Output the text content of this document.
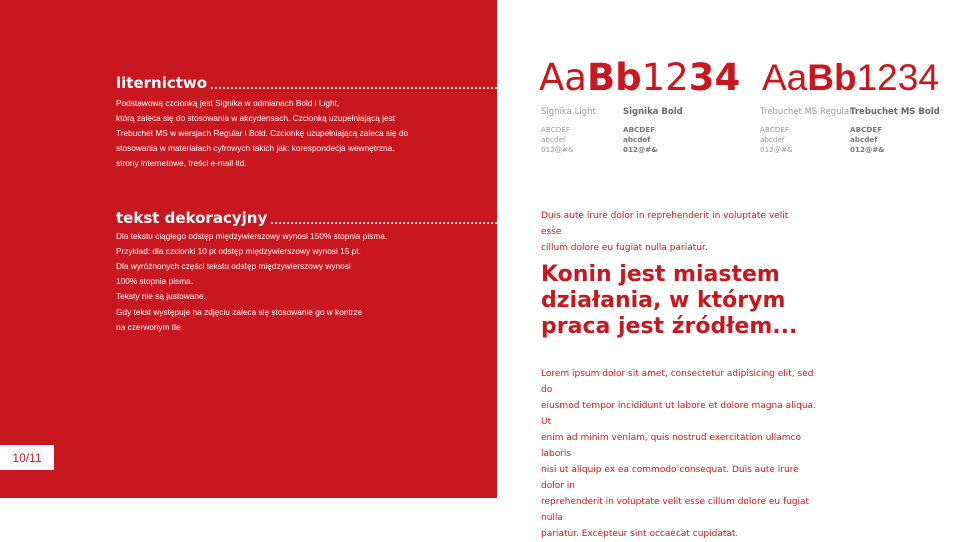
liternictwo

Podstawową czcionką jest Signika w odmianach Bold i Light,

którą zaleca się do stosowania w akcydensach. Czcionką uzupełniającą jest

Trebuchet MS w wersjach Regular i Bold. Czcionkę uzupełniającą zaleca się do

stosowania w materiałach cyfrowych takich jak: korespondecja wewnętrzna,

strony internetowe, treści e-mail itd.

tekst dekoracyjny

Dla tekstu ciągłego odstęp międzywierszowy wynosi 150% stopnia pisma.

Przykład: dla czcionki 10 pt odstęp międzywierszowy wynosi 15 pt.

Dla wyróżnonych części tekstu odstęp międzywierszowy wynosi

100% stopnia pisma.

Teksty nie są justowane.

Gdy tekst występuje na zdjęciu zaleca się stosowanie go w kontrze

na czerwonym tle.

10/11
AaBb1234 AaBb1234
Signika Light
ABCDEF
abcdef
012@#&
Signika Bold
ABCDEF
abcdef
012@#&
Trebuchet MS Regular
ABCDEF
abcdef
012@#&
Trebuchet MS Bold
ABCDEF
abcdef
012@#&
Duis aute irure dolor in reprehenderit in voluptate velit esse
cillum dolore eu fugiat nulla pariatur.
Konin jest miastem
działania, w którym
praca jest źródłem...
Lorem ipsum dolor sit amet, consectetur adipisicing elit, sed do
eiusmod tempor incididunt ut labore et dolore magna aliqua. Ut
enim ad minim veniam, quis nostrud exercitation ullamco laboris
nisi ut aliquip ex ea commodo consequat. Duis aute irure dolor in
reprehenderit in voluptate velit esse cillum dolore eu fugiat nulla
pariatur. Excepteur sint occaecat cupidatat.
